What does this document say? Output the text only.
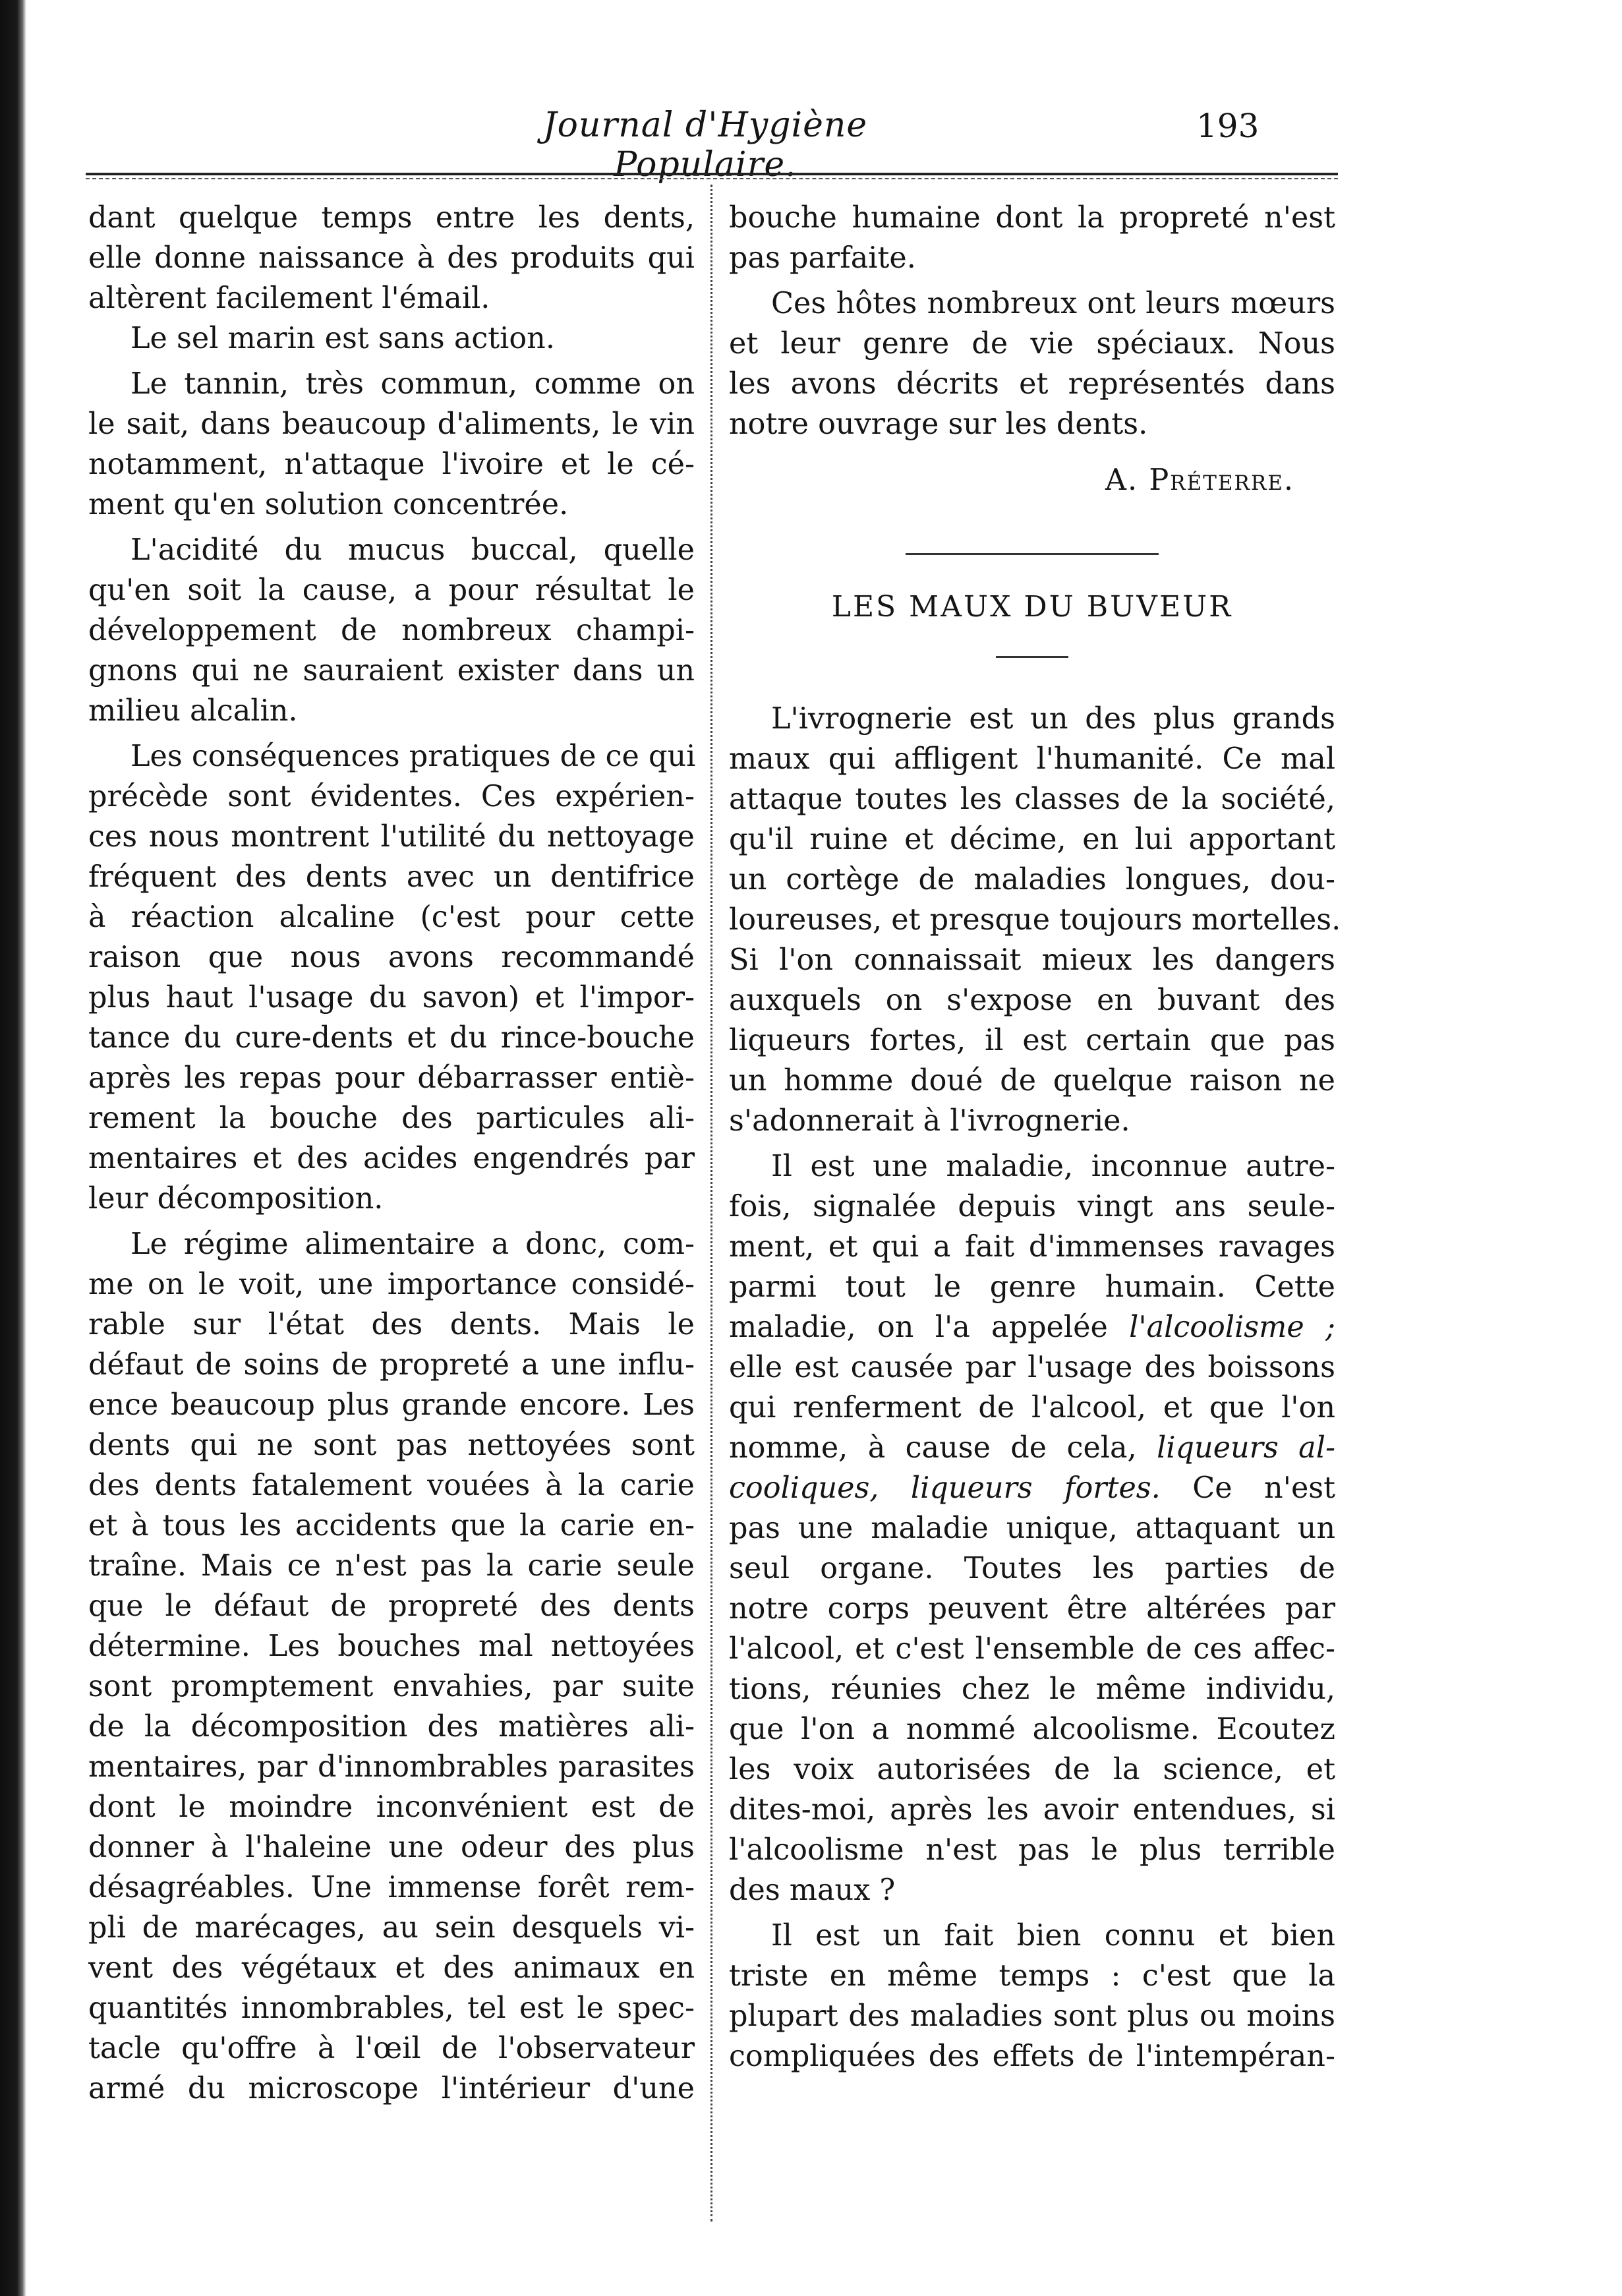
Journal d'Hygiène Populaire.
193
dant quelque temps entre les dents,
elle donne naissance à des produits qui
altèrent facilement l'émail.
Le sel marin est sans action.
Le tannin, très commun, comme on
le sait, dans beaucoup d'aliments, le vin
notamment, n'attaque l'ivoire et le cé-
ment qu'en solution concentrée.
L'acidité du mucus buccal, quelle
qu'en soit la cause, a pour résultat le
développement de nombreux champi-
gnons qui ne sauraient exister dans un
milieu alcalin.
Les conséquences pratiques de ce qui
précède sont évidentes. Ces expérien-
ces nous montrent l'utilité du nettoyage
fréquent des dents avec un dentifrice
à réaction alcaline (c'est pour cette
raison que nous avons recommandé
plus haut l'usage du savon) et l'impor-
tance du cure-dents et du rince-bouche
après les repas pour débarrasser entiè-
rement la bouche des particules ali-
mentaires et des acides engendrés par
leur décomposition.
Le régime alimentaire a donc, com-
me on le voit, une importance considé-
rable sur l'état des dents. Mais le
défaut de soins de propreté a une influ-
ence beaucoup plus grande encore. Les
dents qui ne sont pas nettoyées sont
des dents fatalement vouées à la carie
et à tous les accidents que la carie en-
traîne. Mais ce n'est pas la carie seule
que le défaut de propreté des dents
détermine. Les bouches mal nettoyées
sont promptement envahies, par suite
de la décomposition des matières ali-
mentaires, par d'innombrables parasites
dont le moindre inconvénient est de
donner à l'haleine une odeur des plus
désagréables. Une immense forêt rem-
pli de marécages, au sein desquels vi-
vent des végétaux et des animaux en
quantités innombrables, tel est le spec-
tacle qu'offre à l'œil de l'observateur
armé du microscope l'intérieur d'une
bouche humaine dont la propreté n'est
pas parfaite.
Ces hôtes nombreux ont leurs mœurs
et leur genre de vie spéciaux. Nous
les avons décrits et représentés dans
notre ouvrage sur les dents.
A. Préterre.
LES MAUX DU BUVEUR
L'ivrognerie est un des plus grands
maux qui affligent l'humanité. Ce mal
attaque toutes les classes de la société,
qu'il ruine et décime, en lui apportant
un cortège de maladies longues, dou-
loureuses, et presque toujours mortelles.
Si l'on connaissait mieux les dangers
auxquels on s'expose en buvant des
liqueurs fortes, il est certain que pas
un homme doué de quelque raison ne
s'adonnerait à l'ivrognerie.
Il est une maladie, inconnue autre-
fois, signalée depuis vingt ans seule-
ment, et qui a fait d'immenses ravages
parmi tout le genre humain. Cette
maladie, on l'a appelée l'alcoolisme ;
elle est causée par l'usage des boissons
qui renferment de l'alcool, et que l'on
nomme, à cause de cela, liqueurs al-
cooliques, liqueurs fortes. Ce n'est
pas une maladie unique, attaquant un
seul organe. Toutes les parties de
notre corps peuvent être altérées par
l'alcool, et c'est l'ensemble de ces affec-
tions, réunies chez le même individu,
que l'on a nommé alcoolisme. Ecoutez
les voix autorisées de la science, et
dites-moi, après les avoir entendues, si
l'alcoolisme n'est pas le plus terrible
des maux ?
Il est un fait bien connu et bien
triste en même temps : c'est que la
plupart des maladies sont plus ou moins
compliquées des effets de l'intempéran-
